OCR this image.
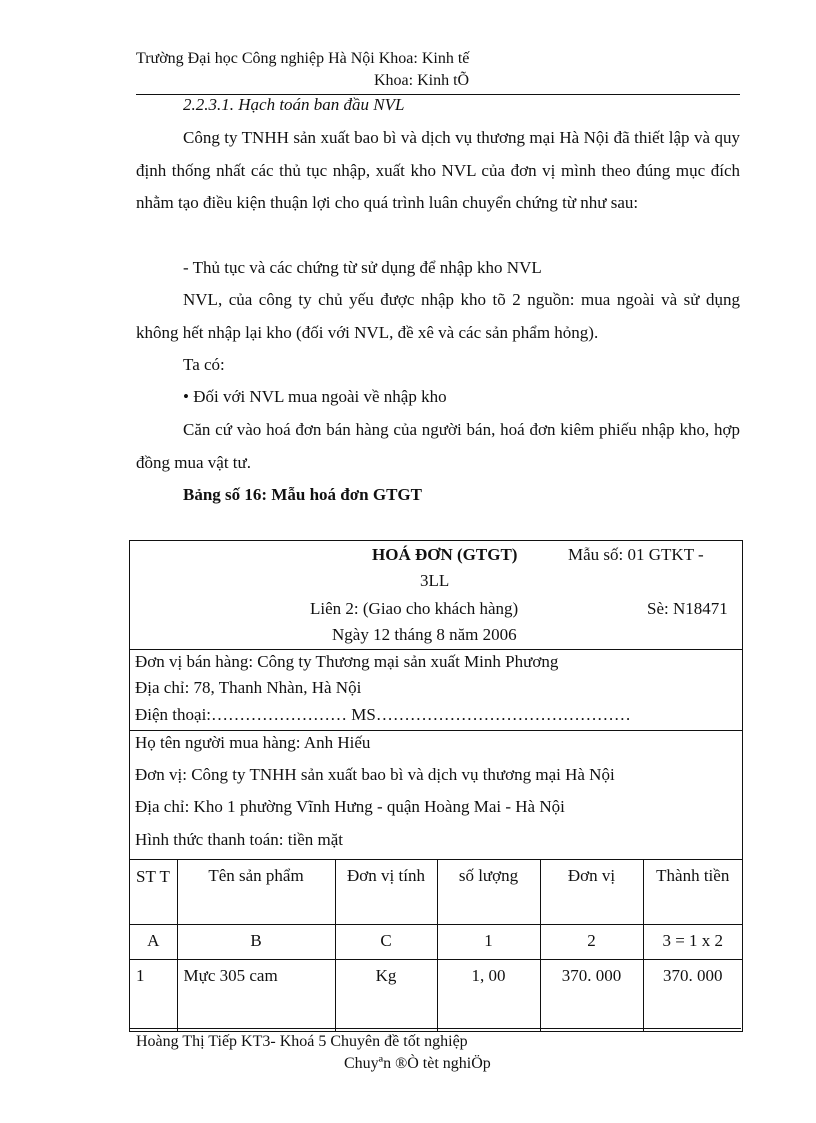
Trường Đại học Công nghiệp Hà Nội Khoa: Kinh tế
Khoa: Kinh tÕ
2.2.3.1. Hạch toán ban đầu NVL
Công ty TNHH sản xuất bao bì và dịch vụ thương mại Hà Nội đã thiết lập và quy định thống nhất các thủ tục nhập, xuất kho NVL của đơn vị mình theo đúng mục đích nhằm tạo điều kiện thuận lợi cho quá trình luân chuyển chứng từ như sau:
- Thủ tục và các chứng từ sử dụng để nhập kho NVL
NVL, của công ty chủ yếu được nhập kho tõ 2 nguồn: mua ngoài và sử dụng không hết nhập lại kho (đối với NVL, đề xê và các sản phẩm hỏng).
Ta có:
• Đối với NVL mua ngoài về nhập kho
Căn cứ vào hoá đơn bán hàng của người bán, hoá đơn kiêm phiếu nhập kho, hợp đồng mua vật tư.
Bảng số 16: Mẫu hoá đơn GTGT
HOÁ ĐƠN (GTGT)	Mẫu số: 01 GTKT -
3LL
Liên 2: (Giao cho khách hàng)	Sè: N18471
Ngày 12 tháng 8 năm 2006
Đơn vị bán hàng: Công ty Thương mại sản xuất Minh Phương
Địa chỉ: 78, Thanh Nhàn, Hà Nội
Điện thoại:…………………… MS………………………………………
Họ tên người mua hàng: Anh Hiếu
Đơn vị: Công ty TNHH sản xuất bao bì và dịch vụ thương mại Hà Nội
Địa chỉ: Kho 1 phường Vĩnh Hưng - quận Hoàng Mai - Hà Nội
Hình thức thanh toán: tiền mặt
ST T	Tên sản phẩm	Đơn vị tính	số lượng	Đơn vị	Thành tiền
A	B	C	1	2	3 = 1 x 2
1	Mực 305 cam	Kg	1, 00	370. 000	370. 000
Hoàng Thị Tiếp KT3- Khoá 5 Chuyên đề tốt nghiệp
Chuyªn ®Ò tèt nghiÖp
